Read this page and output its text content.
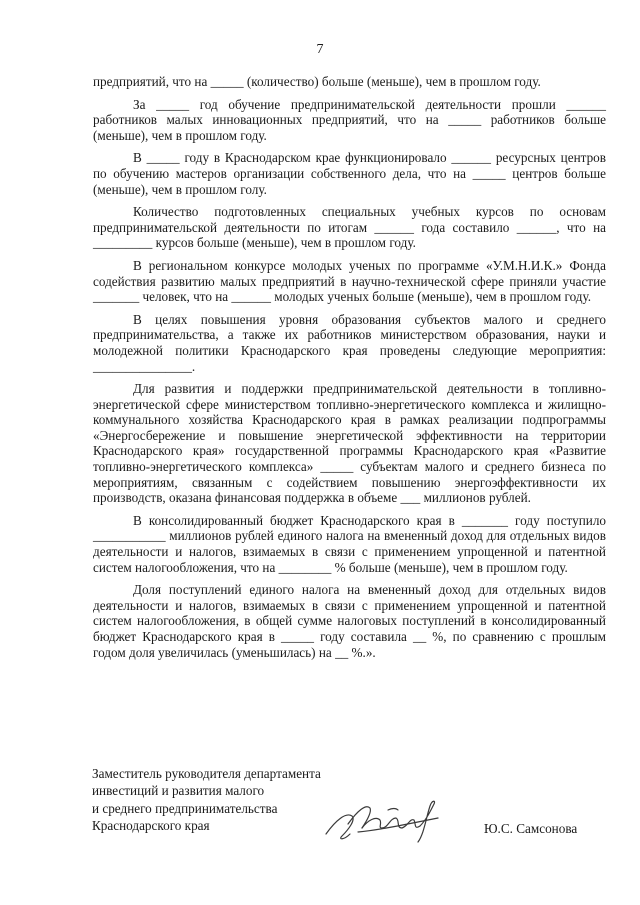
7

предприятий, что на _____ (количество) больше (меньше), чем в прошлом году.

За _____ год обучение предпринимательской деятельности прошли ______ работников малых инновационных предприятий, что на _____ работников больше (меньше), чем в прошлом году.

В _____ году в Краснодарском крае функционировало ______ ресурсных центров по обучению мастеров организации собственного дела, что на _____ центров больше (меньше), чем в прошлом голу.

Количество подготовленных специальных учебных курсов по основам предпринимательской деятельности по итогам ______ года составило ______, что на _________ курсов больше (меньше), чем в прошлом году.

В региональном конкурсе молодых ученых по программе «У.М.Н.И.К.» Фонда содействия развитию малых предприятий в научно-технической сфере приняли участие _______ человек, что на ______ молодых ученых больше (меньше), чем в прошлом году.

В целях повышения уровня образования субъектов малого и среднего предпринимательства, а также их работников министерством образования, науки и молодежной политики Краснодарского края проведены следующие мероприятия: _______________.

Для развития и поддержки предпринимательской деятельности в топливно-энергетической сфере министерством топливно-энергетического комплекса и жилищно-коммунального хозяйства Краснодарского края в рамках реализации подпрограммы «Энергосбережение и повышение энергетической эффективности на территории Краснодарского края» государственной программы Краснодарского края «Развитие топливно-энергетического комплекса» _____ субъектам малого и среднего бизнеса по мероприятиям, связанным с содействием повышению энергоэффективности их производств, оказана финансовая поддержка в объеме ___ миллионов рублей.

В консолидированный бюджет Краснодарского края в _______ году поступило ___________ миллионов рублей единого налога на вмененный доход для отдельных видов деятельности и налогов, взимаемых в связи с применением упрощенной и патентной систем налогообложения, что на ________ % больше (меньше), чем в прошлом году.

Доля поступлений единого налога на вмененный доход для отдельных видов деятельности и налогов, взимаемых в связи с применением упрощенной и патентной систем налогообложения, в общей сумме налоговых поступлений в консолидированный бюджет Краснодарского края в _____ году составила __ %, по сравнению с прошлым годом доля увеличилась (уменьшилась) на __ %.».

Заместитель руководителя департамента
инвестиций и развития малого
и среднего предпринимательства
Краснодарского края	Ю.С. Самсонова
